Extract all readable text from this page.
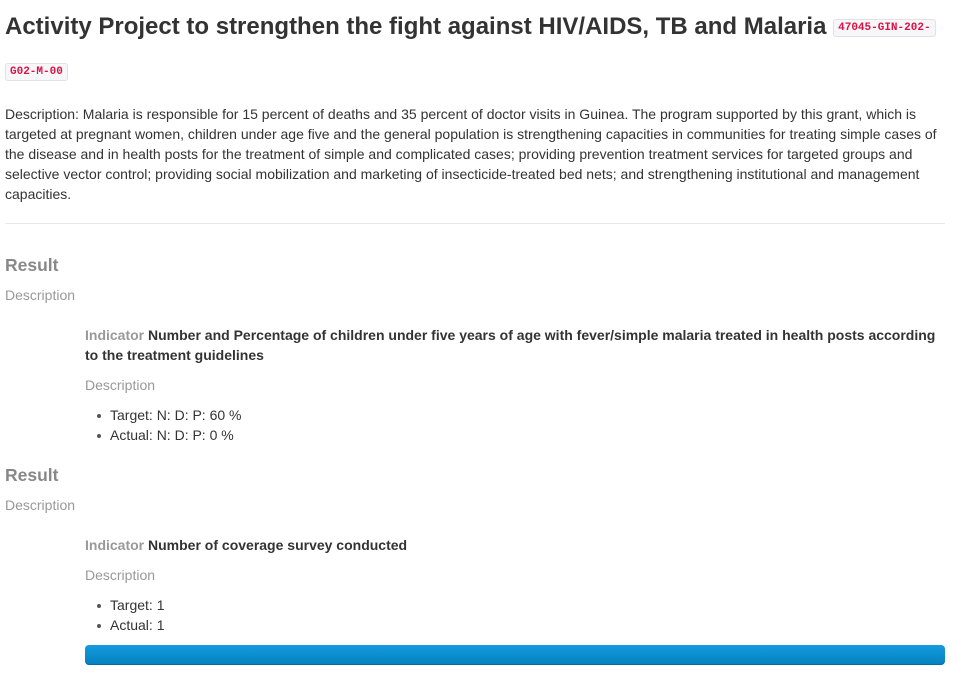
Activity Project to strengthen the fight against HIV/AIDS, TB and Malaria 47045-GIN-202-G02-M-00

Description: Malaria is responsible for 15 percent of deaths and 35 percent of doctor visits in Guinea. The program supported by this grant, which is targeted at pregnant women, children under age five and the general population is strengthening capacities in communities for treating simple cases of the disease and in health posts for the treatment of simple and complicated cases; providing prevention treatment services for targeted groups and selective vector control; providing social mobilization and marketing of insecticide-treated bed nets; and strengthening institutional and management capacities.

Result
Description
Indicator Number and Percentage of children under five years of age with fever/simple malaria treated in health posts according to the treatment guidelines
Description
Target: N: D: P: 60 %
Actual: N: D: P: 0 %
Result
Description
Indicator Number of coverage survey conducted
Description
Target: 1
Actual: 1
